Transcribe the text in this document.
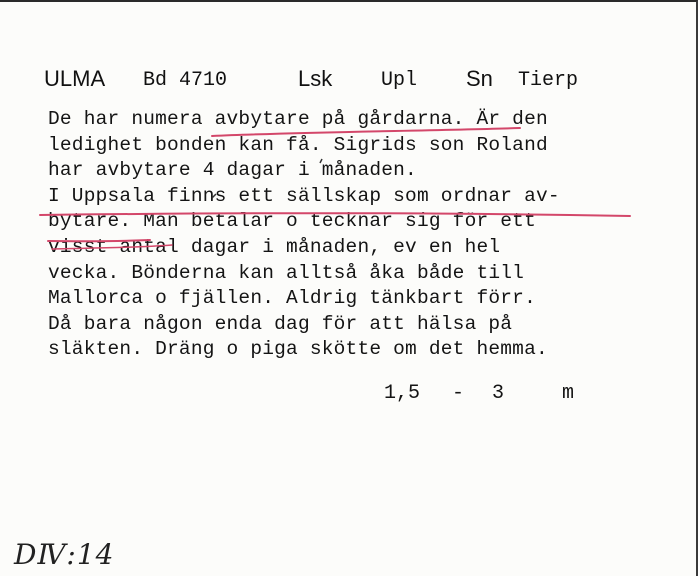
ULMA Bd 4710	Lsk Upl Sn Tierp
De har numera avbytare på gårdarna. Är den
ledighet bonden kan få. Sigrids son Roland
har avbytare 4 dagar i månaden.
I Uppsala finns ett sällskap som ordnar av-
bytare. Man betalar o tecknar sig för ett
visst antal dagar i månaden, ev en hel
vecka. Bönderna kan alltså åka både till
Mallorca o fjällen. Aldrig tänkbart förr.
Då bara någon enda dag för att hälsa på
släkten. Dräng o piga skötte om det hemma.
1,5 - 3	m
DⅣ:14
